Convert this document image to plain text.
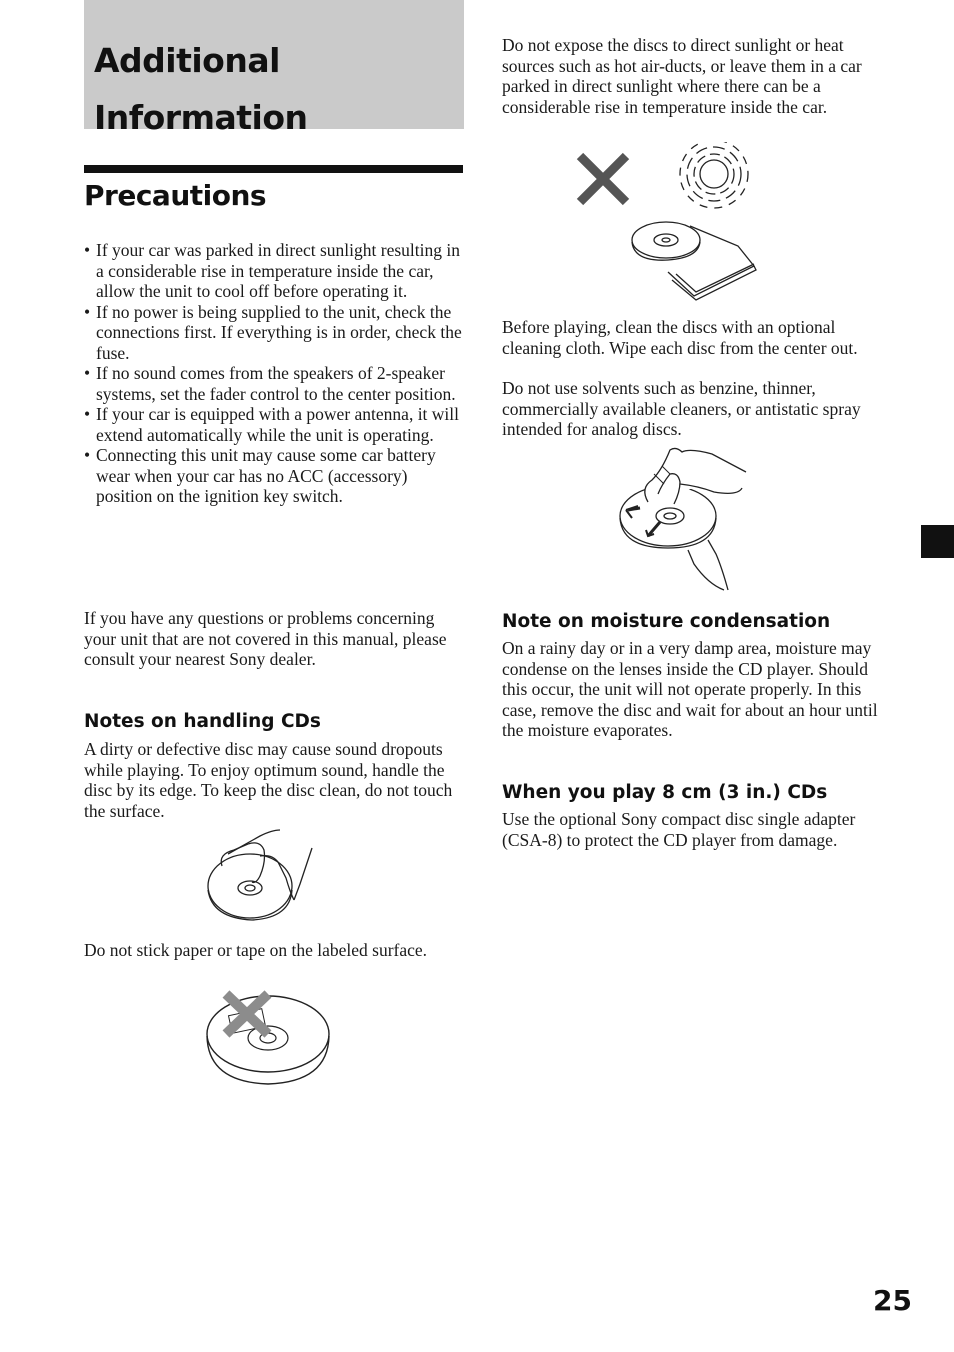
Additional
Information
Precautions
• If your car was parked in direct sunlight resulting in a considerable rise in temperature inside the car, allow the unit to cool off before operating it.
• If no power is being supplied to the unit, check the connections first. If everything is in order, check the fuse.
• If no sound comes from the speakers of 2-speaker systems, set the fader control to the center position.
• If your car is equipped with a power antenna, it will extend automatically while the unit is operating.
• Connecting this unit may cause some car battery wear when your car has no ACC (accessory) position on the ignition key switch.

If you have any questions or problems concerning your unit that are not covered in this manual, please consult your nearest Sony dealer.

Notes on handling CDs

A dirty or defective disc may cause sound dropouts while playing. To enjoy optimum sound, handle the disc by its edge. To keep the disc clean, do not touch the surface.

Do not stick paper or tape on the labeled surface.

Do not expose the discs to direct sunlight or heat sources such as hot air-ducts, or leave them in a car parked in direct sunlight where there can be a considerable rise in temperature inside the car.

Before playing, clean the discs with an optional cleaning cloth. Wipe each disc from the center out.

Do not use solvents such as benzine, thinner, commercially available cleaners, or antistatic spray intended for analog discs.

Note on moisture condensation

On a rainy day or in a very damp area, moisture may condense on the lenses inside the CD player. Should this occur, the unit will not operate properly. In this case, remove the disc and wait for about an hour until the moisture evaporates.

When you play 8 cm (3 in.) CDs

Use the optional Sony compact disc single adapter (CSA-8) to protect the CD player from damage.

25
